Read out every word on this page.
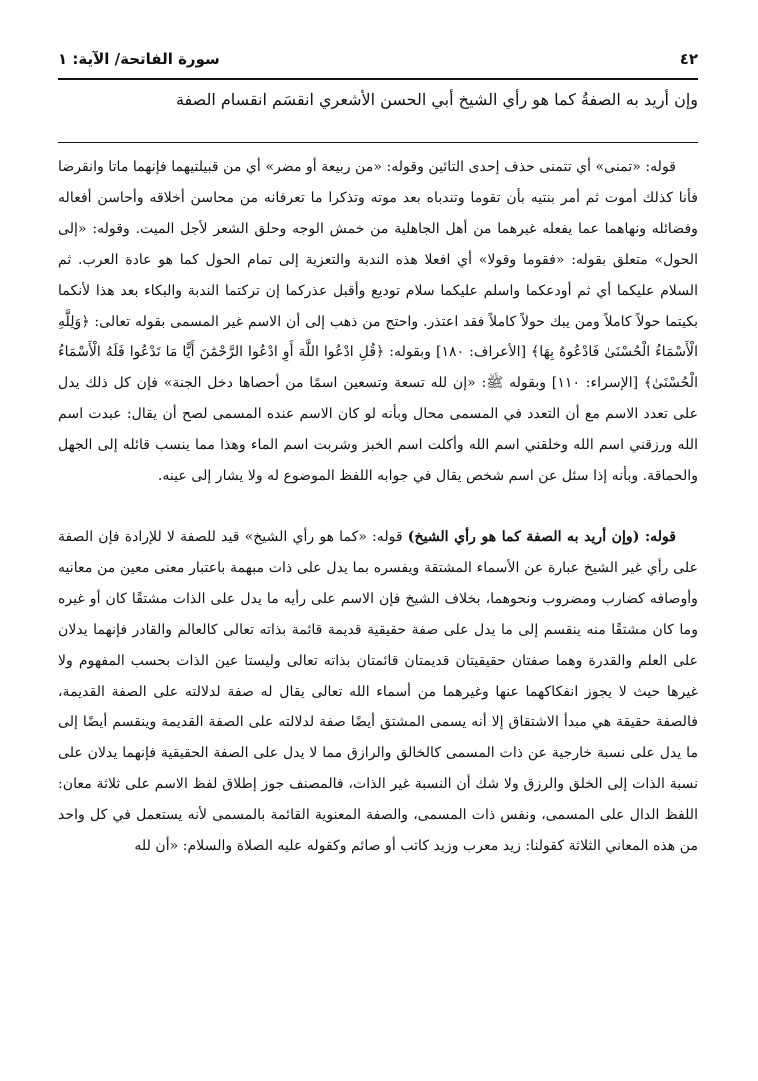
٤٢
سورة الفاتحة/ الآية: ١
وإن أريد به الصفةُ كما هو رأي الشيخ أبي الحسن الأشعري انقسَم انقسام الصفة

قوله: «تمنى» أي تتمنى حذف إحدى التائين وقوله: «من ربيعة أو مضر» أي من قبيلتيهما فإنهما ماتا وانقرضا فأنا كذلك أموت ثم أمر بنتيه بأن تقوما وتندباه بعد موته وتذكرا ما تعرفانه من محاسن أخلاقه وأحاسن أفعاله وفضائله ونهاهما عما يفعله غيرهما من أهل الجاهلية من خمش الوجه وحلق الشعر لأجل الميت. وقوله: «إلى الحول» متعلق بقوله: «فقوما وقولا» أي افعلا هذه الندبة والتعزية إلى تمام الحول كما هو عادة العرب. ثم السلام عليكما أي ثم أودعكما واسلم عليكما سلام توديع وأقبل عذركما إن تركتما الندبة والبكاء بعد هذا لأنكما بكيتما حولاً كاملاً ومن يبك حولاً كاملاً فقد اعتذر. واحتج من ذهب إلى أن الاسم غير المسمى بقوله تعالى: ﴿وَلِلَّهِ الْأَسْمَاءُ الْحُسْنَىٰ فَادْعُوهُ بِهَا﴾ [الأعراف: ١٨٠] وبقوله: ﴿قُلِ ادْعُوا اللَّهَ أَوِ ادْعُوا الرَّحْمَٰنَ أَيًّا مَا تَدْعُوا فَلَهُ الْأَسْمَاءُ الْحُسْنَىٰ﴾ [الإسراء: ١١٠] وبقوله ﷺ: «إن لله تسعة وتسعين اسمًا من أحصاها دخل الجنة» فإن كل ذلك يدل على تعدد الاسم مع أن التعدد في المسمى محال وبأنه لو كان الاسم عنده المسمى لصح أن يقال: عبدت اسم الله ورزقني اسم الله وخلقني اسم الله وأكلت اسم الخبز وشربت اسم الماء وهذا مما ينسب قائله إلى الجهل والحماقة. وبأنه إذا سئل عن اسم شخص يقال في جوابه اللفظ الموضوع له ولا يشار إلى عينه.

قوله: (وإن أريد به الصفة كما هو رأي الشيخ) قوله: «كما هو رأي الشيخ» قيد للصفة لا للإرادة فإن الصفة على رأي غير الشيخ عبارة عن الأسماء المشتقة ويفسره بما يدل على ذات مبهمة باعتبار معنى معين من معانيه وأوصافه كضارب ومضروب ونحوهما، بخلاف الشيخ فإن الاسم على رأيه ما يدل على الذات مشتقًا كان أو غيره وما كان مشتقًا منه ينقسم إلى ما يدل على صفة حقيقية قديمة قائمة بذاته تعالى كالعالم والقادر فإنهما يدلان على العلم والقدرة وهما صفتان حقيقيتان قديمتان قائمتان بذاته تعالى وليستا عين الذات بحسب المفهوم ولا غيرها حيث لا يجوز انفكاكهما عنها وغيرهما من أسماء الله تعالى يقال له صفة لدلالته على الصفة القديمة، فالصفة حقيقة هي مبدأ الاشتقاق إلا أنه يسمى المشتق أيضًا صفة لدلالته على الصفة القديمة وينقسم أيضًا إلى ما يدل على نسبة خارجية عن ذات المسمى كالخالق والرازق مما لا يدل على الصفة الحقيقية فإنهما يدلان على نسبة الذات إلى الخلق والرزق ولا شك أن النسبة غير الذات، فالمصنف جوز إطلاق لفظ الاسم على ثلاثة معان: اللفظ الدال على المسمى، ونفس ذات المسمى، والصفة المعنوية القائمة بالمسمى لأنه يستعمل في كل واحد من هذه المعاني الثلاثة كقولنا: زيد معرب وزيد كاتب أو صائم وكقوله عليه الصلاة والسلام: «أن لله
